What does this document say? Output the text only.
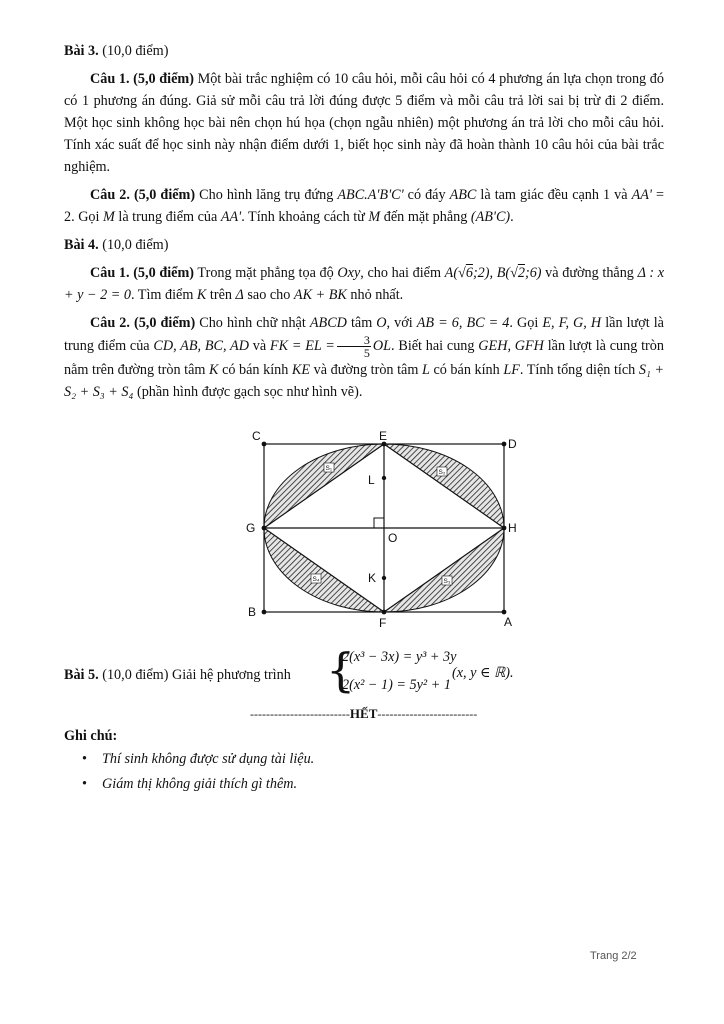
Bài 3. (10,0 điểm)

Câu 1. (5,0 điểm) Một bài trắc nghiệm có 10 câu hỏi, mỗi câu hỏi có 4 phương án lựa chọn trong đó có 1 phương án đúng. Giả sử mỗi câu trả lời đúng được 5 điểm và mỗi câu trả lời sai bị trừ đi 2 điểm. Một học sinh không học bài nên chọn hú họa (chọn ngẫu nhiên) một phương án trả lời cho mỗi câu hỏi. Tính xác suất để học sinh này nhận điểm dưới 1, biết học sinh này đã hoàn thành 10 câu hỏi của bài trắc nghiệm.

Câu 2. (5,0 điểm) Cho hình lăng trụ đứng ABC.A'B'C' có đáy ABC là tam giác đều cạnh 1 và AA' = 2. Gọi M là trung điểm của AA'. Tính khoảng cách từ M đến mặt phẳng (AB'C).

Bài 4. (10,0 điểm)

Câu 1. (5,0 điểm) Trong mặt phẳng tọa độ Oxy, cho hai điểm A(√6;2), B(√2;6) và đường thẳng Δ : x + y − 2 = 0. Tìm điểm K trên Δ sao cho AK + BK nhỏ nhất.

Câu 2. (5,0 điểm) Cho hình chữ nhật ABCD tâm O, với AB = 6, BC = 4. Gọi E, F, G, H lần lượt là trung điểm của CD, AB, BC, AD và FK = EL = $\frac{3}{5}$ OL. Biết hai cung GEH, GFH lần lượt là cung tròn nằm trên đường tròn tâm K có bán kính KE và đường tròn tâm L có bán kính LF. Tính tổng diện tích S₁ + S₂ + S₃ + S₄ (phần hình được gạch sọc như hình vẽ).

C	E
D
G	H
B
F	A
O
L
K
S₁
S₂
S₃
S₄
Bài 5. (10,0 điểm) Giải hệ phương trình {
2(x³ − 3x) = y³ + 3y
2(x² − 1) = 5y² + 1
(x, y ∈ ℝ).
-------------------------HẾT-------------------------
Ghi chú:
• Thí sinh không được sử dụng tài liệu.
• Giám thị không giải thích gì thêm.
Trang 2/2
